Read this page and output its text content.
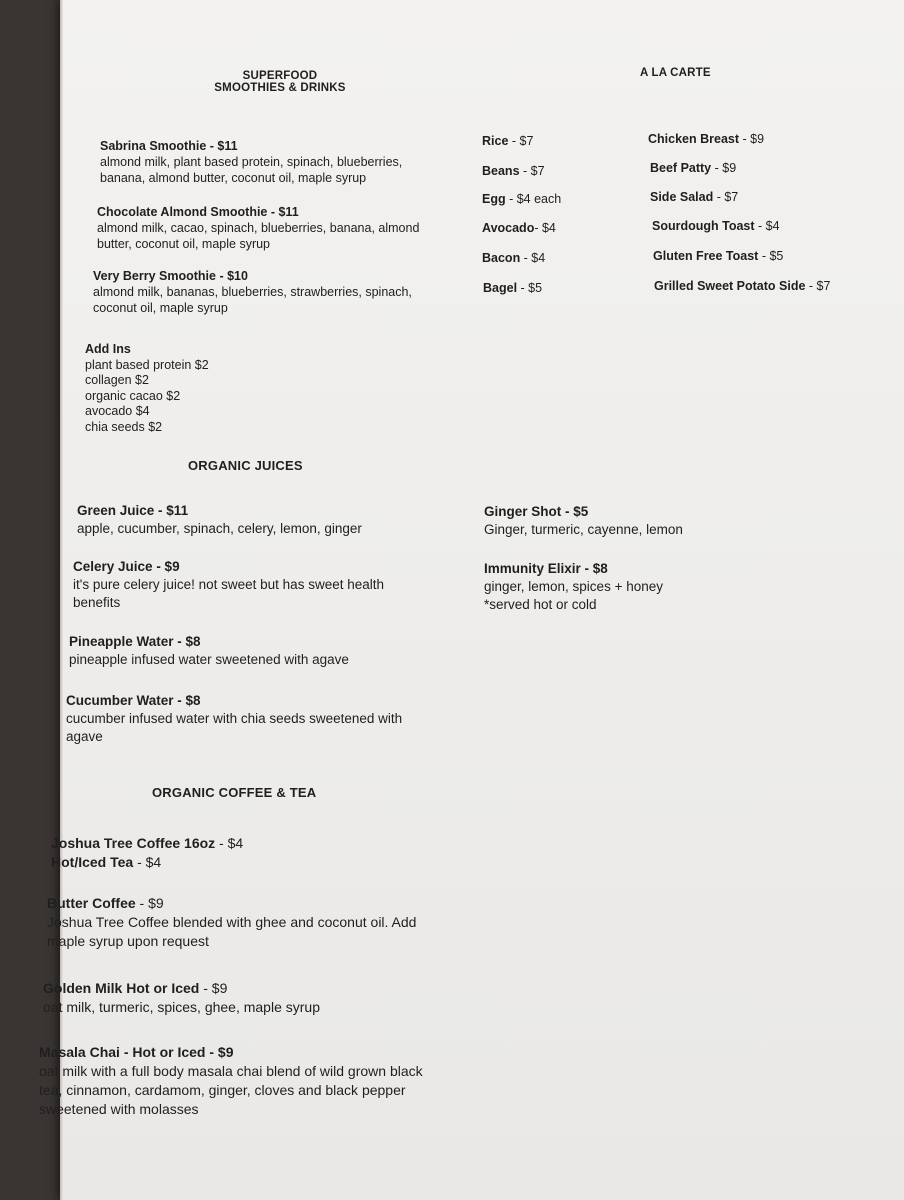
SUPERFOOD
SMOOTHIES & DRINKS
A LA CARTE
Sabrina Smoothie - $11
almond milk, plant based protein, spinach, blueberries, banana, almond butter, coconut oil, maple syrup
Chocolate Almond Smoothie - $11
almond milk, cacao, spinach, blueberries, banana, almond butter, coconut oil, maple syrup
Very Berry Smoothie - $10
almond milk, bananas, blueberries, strawberries, spinach, coconut oil, maple syrup
Add Ins
plant based protein $2
collagen $2
organic cacao $2
avocado $4
chia seeds $2
Rice - $7
Beans - $7
Egg - $4 each
Avocado- $4
Bacon - $4
Bagel - $5
Chicken Breast - $9
Beef Patty - $9
Side Salad - $7
Sourdough Toast - $4
Gluten Free Toast - $5
Grilled Sweet Potato Side - $7
ORGANIC JUICES
Green Juice - $11
apple, cucumber, spinach, celery, lemon, ginger
Celery Juice - $9
it's pure celery juice! not sweet but has sweet health benefits
Pineapple Water - $8
pineapple infused water sweetened with agave
Cucumber Water - $8
cucumber infused water with chia seeds sweetened with agave
Ginger Shot - $5
Ginger, turmeric, cayenne, lemon
Immunity Elixir - $8
ginger, lemon, spices + honey
*served hot or cold
ORGANIC COFFEE & TEA
Joshua Tree Coffee 16oz - $4
Hot/Iced Tea - $4
Butter Coffee - $9
Joshua Tree Coffee blended with ghee and coconut oil. Add maple syrup upon request
Golden Milk Hot or Iced - $9
oat milk, turmeric, spices, ghee, maple syrup
Masala Chai - Hot or Iced - $9
oat milk with a full body masala chai blend of wild grown black tea, cinnamon, cardamom, ginger, cloves and black pepper sweetened with molasses
